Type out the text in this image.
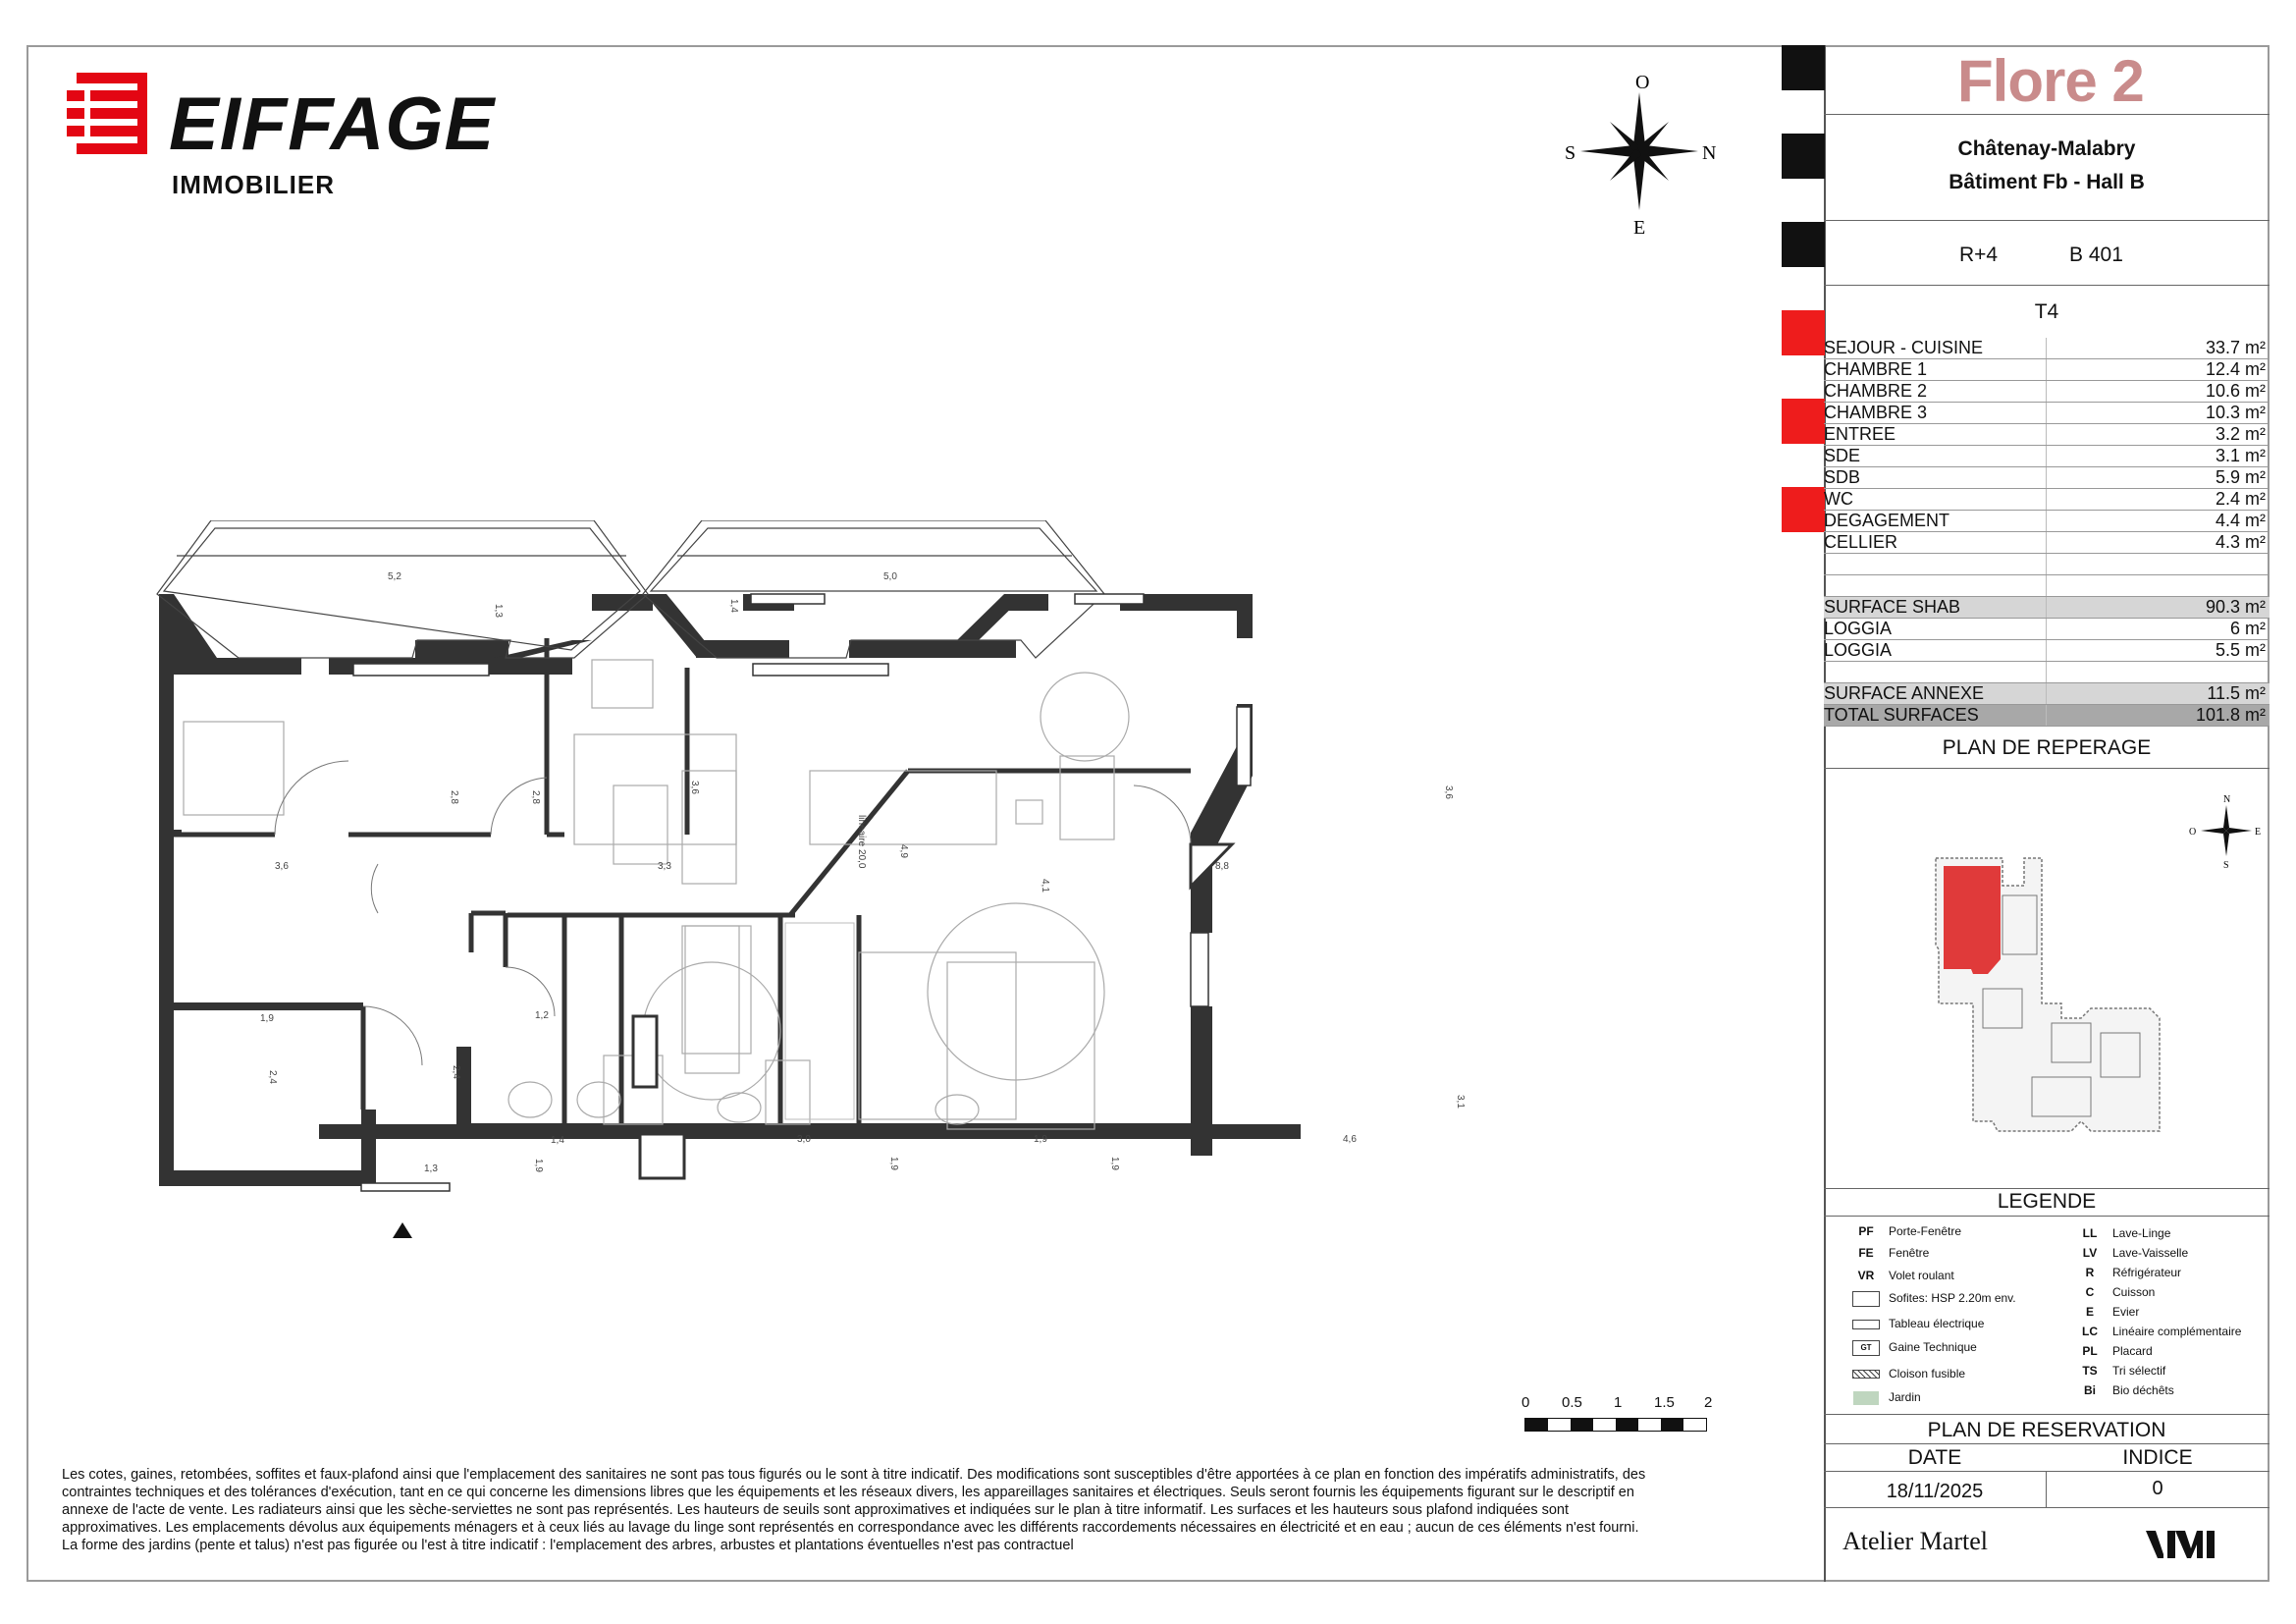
EIFFAGE
IMMOBILIER
O
S	N
E
5,2
1,3
5,0
1,4
3,6
2,8	2,8
3,3
3,6
lineaire 20,0	4,9
4,1
8,8
3,6
1,9
2,4
1,2
2,4
1,3
1,4
1,9
3,0
1,9
1,9
1,9
4,6
3,1
0 0.5 1 1.5 2
Les cotes, gaines, retombées, soffites et faux-plafond ainsi que l'emplacement des sanitaires ne sont pas tous figurés ou le sont à titre indicatif. Des modifications sont susceptibles d'être apportées à ce plan en fonction des impératifs administratifs, des
contraintes techniques et des tolérances d'exécution, tant en ce qui concerne les dimensions libres que les équipements et les réseaux divers, les appareillages sanitaires et électriques. Seuls seront fournis les équipements figurant sur le descriptif en
annexe de l'acte de vente. Les radiateurs ainsi que les sèche-serviettes ne sont pas représentés. Les hauteurs de seuils sont approximatives et indiquées sur le plan à titre informatif. Les surfaces et les hauteurs sous plafond indiquées sont
approximatives. Les emplacements dévolus aux équipements ménagers et à ceux liés au lavage du linge sont représentés en correspondance avec les différents raccordements nécessaires en électricité et en eau ; aucun de ces éléments n'est fourni.
La forme des jardins (pente et talus) n'est pas figurée ou l'est à titre indicatif : l'emplacement des arbres, arbustes et plantations éventuelles n'est pas contractuel
Flore 2
Châtenay-Malabry
Bâtiment Fb - Hall B
R+4	B 401
T4
SEJOUR - CUISINE	33.7 m²
CHAMBRE 1	12.4 m²
CHAMBRE 2	10.6 m²
CHAMBRE 3	10.3 m²
ENTREE	3.2 m²
SDE	3.1 m²
SDB	5.9 m²
WC	2.4 m²
DEGAGEMENT	4.4 m²
CELLIER	4.3 m²
SURFACE SHAB	90.3 m²
LOGGIA	6 m²
LOGGIA	5.5 m²
SURFACE ANNEXE	11.5 m²
TOTAL SURFACES	101.8 m²
PLAN DE REPERAGE
N
S
O	E
LEGENDE
PF Porte-Fenêtre
FE Fenêtre
VR Volet roulant
Sofites: HSP 2.20m env.
Tableau électrique
GT Gaine Technique
Cloison fusible
Jardin
LL Lave-Linge
LV Lave-Vaisselle
R Réfrigérateur
C Cuisson
E Evier
LC Linéaire complémentaire
PL Placard
TS Tri sélectif
Bi Bio déchêts
PLAN DE RESERVATION
DATE	INDICE
18/11/2025	0
Atelier Martel
